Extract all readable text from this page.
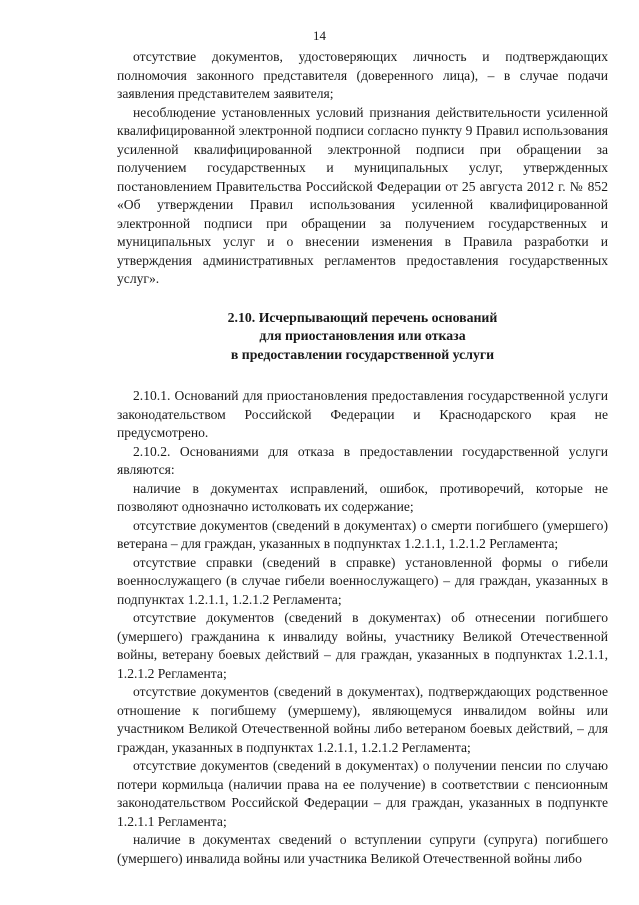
14

отсутствие документов, удостоверяющих личность и подтверждающих полномочия законного представителя (доверенного лица), – в случае подачи заявления представителем заявителя;

несоблюдение установленных условий признания действительности усиленной квалифицированной электронной подписи согласно пункту 9 Правил использования усиленной квалифицированной электронной подписи при обращении за получением государственных и муниципальных услуг, утвержденных постановлением Правительства Российской Федерации от 25 августа 2012 г. № 852 «Об утверждении Правил использования усиленной квалифицированной электронной подписи при обращении за получением государственных и муниципальных услуг и о внесении изменения в Правила разработки и утверждения административных регламентов предоставления государственных услуг».

2.10. Исчерпывающий перечень оснований
для приостановления или отказа
в предоставлении государственной услуги

2.10.1. Оснований для приостановления предоставления государственной услуги законодательством Российской Федерации и Краснодарского края не предусмотрено.

2.10.2. Основаниями для отказа в предоставлении государственной услуги являются:

наличие в документах исправлений, ошибок, противоречий, которые не позволяют однозначно истолковать их содержание;

отсутствие документов (сведений в документах) о смерти погибшего (умершего) ветерана – для граждан, указанных в подпунктах 1.2.1.1, 1.2.1.2 Регламента;

отсутствие справки (сведений в справке) установленной формы о гибели военнослужащего (в случае гибели военнослужащего) – для граждан, указанных в подпунктах 1.2.1.1, 1.2.1.2 Регламента;

отсутствие документов (сведений в документах) об отнесении погибшего (умершего) гражданина к инвалиду войны, участнику Великой Отечественной войны, ветерану боевых действий – для граждан, указанных в подпунктах 1.2.1.1, 1.2.1.2 Регламента;

отсутствие документов (сведений в документах), подтверждающих родственное отношение к погибшему (умершему), являющемуся инвалидом войны или участником Великой Отечественной войны либо ветераном боевых действий, – для граждан, указанных в подпунктах 1.2.1.1, 1.2.1.2 Регламента;

отсутствие документов (сведений в документах) о получении пенсии по случаю потери кормильца (наличии права на ее получение) в соответствии с пенсионным законодательством Российской Федерации – для граждан, указанных в подпункте 1.2.1.1 Регламента;

наличие в документах сведений о вступлении супруги (супруга) погибшего (умершего) инвалида войны или участника Великой Отечественной войны либо
